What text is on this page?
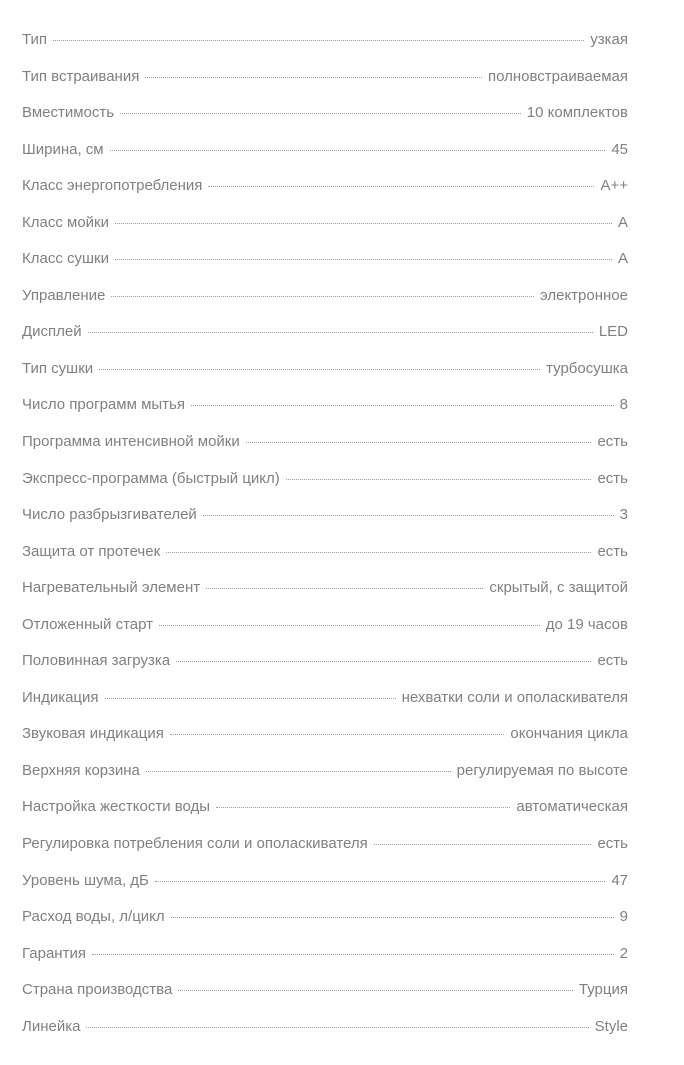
Тип	узкая
Тип встраивания	полновстраиваемая
Вместимость	10 комплектов
Ширина, см	45
Класс энергопотребления	A++
Класс мойки	A
Класс сушки	A
Управление	электронное
Дисплей	LED
Тип сушки	турбосушка
Число программ мытья	8
Программа интенсивной мойки	есть
Экспресс-программа (быстрый цикл)	есть
Число разбрызгивателей	3
Защита от протечек	есть
Нагревательный элемент	скрытый, с защитой
Отложенный старт	до 19 часов
Половинная загрузка	есть
Индикация	нехватки соли и ополаскивателя
Звуковая индикация	окончания цикла
Верхняя корзина	регулируемая по высоте
Настройка жесткости воды	автоматическая
Регулировка потребления соли и ополаскивателя	есть
Уровень шума, дБ	47
Расход воды, л/цикл	9
Гарантия	2
Страна производства	Турция
Линейка	Style
